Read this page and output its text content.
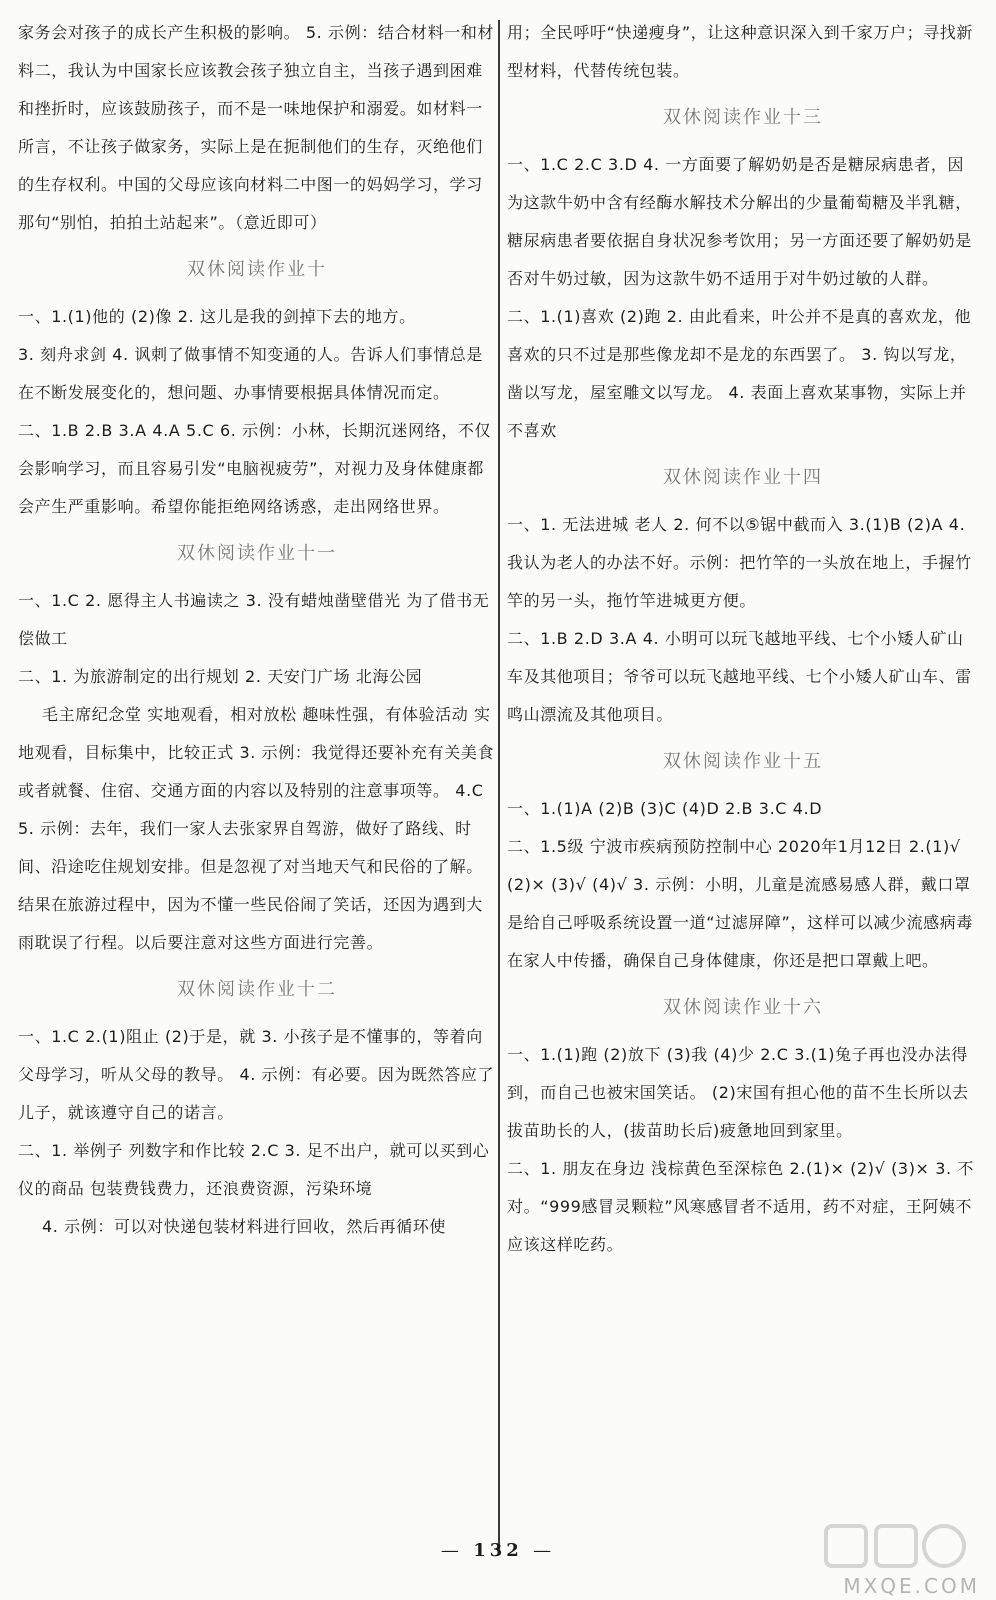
家务会对孩子的成长产生积极的影响。 5. 示例：结合材料一和材料二，我认为中国家长应该教会孩子独立自主，当孩子遇到困难和挫折时，应该鼓励孩子，而不是一味地保护和溺爱。如材料一所言，不让孩子做家务，实际上是在扼制他们的生存，灭绝他们的生存权利。中国的父母应该向材料二中图一的妈妈学习，学习那句“别怕，拍拍土站起来”。（意近即可）

双休阅读作业十

一、1.(1)他的 (2)像 2. 这儿是我的剑掉下去的地方。

3. 刻舟求剑 4. 讽刺了做事情不知变通的人。告诉人们事情总是在不断发展变化的，想问题、办事情要根据具体情况而定。

二、1.B 2.B 3.A 4.A 5.C 6. 示例：小林，长期沉迷网络，不仅会影响学习，而且容易引发“电脑视疲劳”，对视力及身体健康都会产生严重影响。希望你能拒绝网络诱惑，走出网络世界。

双休阅读作业十一

一、1.C 2. 愿得主人书遍读之 3. 没有蜡烛凿壁借光 为了借书无偿做工

二、1. 为旅游制定的出行规划 2. 天安门广场 北海公园

毛主席纪念堂 实地观看，相对放松 趣味性强，有体验活动 实地观看，目标集中，比较正式 3. 示例：我觉得还要补充有关美食或者就餐、住宿、交通方面的内容以及特别的注意事项等。 4.C 5. 示例：去年，我们一家人去张家界自驾游，做好了路线、时间、沿途吃住规划安排。但是忽视了对当地天气和民俗的了解。结果在旅游过程中，因为不懂一些民俗闹了笑话，还因为遇到大雨耽误了行程。以后要注意对这些方面进行完善。

双休阅读作业十二

一、1.C 2.(1)阻止 (2)于是，就 3. 小孩子是不懂事的，等着向父母学习，听从父母的教导。 4. 示例：有必要。因为既然答应了儿子，就该遵守自己的诺言。

二、1. 举例子 列数字和作比较 2.C 3. 足不出户，就可以买到心仪的商品 包装费钱费力，还浪费资源，污染环境

4. 示例：可以对快递包装材料进行回收，然后再循环使

用；全民呼吁“快递瘦身”，让这种意识深入到千家万户；寻找新型材料，代替传统包装。

双休阅读作业十三

一、1.C 2.C 3.D 4. 一方面要了解奶奶是否是糖尿病患者，因为这款牛奶中含有经酶水解技术分解出的少量葡萄糖及半乳糖，糖尿病患者要依据自身状况参考饮用；另一方面还要了解奶奶是否对牛奶过敏，因为这款牛奶不适用于对牛奶过敏的人群。

二、1.(1)喜欢 (2)跑 2. 由此看来，叶公并不是真的喜欢龙，他喜欢的只不过是那些像龙却不是龙的东西罢了。 3. 钩以写龙，凿以写龙，屋室雕文以写龙。 4. 表面上喜欢某事物，实际上并不喜欢

双休阅读作业十四

一、1. 无法进城 老人 2. 何不以⑤锯中截而入 3.(1)B (2)A 4. 我认为老人的办法不好。示例：把竹竿的一头放在地上，手握竹竿的另一头，拖竹竿进城更方便。

二、1.B 2.D 3.A 4. 小明可以玩飞越地平线、七个小矮人矿山车及其他项目；爷爷可以玩飞越地平线、七个小矮人矿山车、雷鸣山漂流及其他项目。

双休阅读作业十五

一、1.(1)A (2)B (3)C (4)D 2.B 3.C 4.D

二、1.5级 宁波市疾病预防控制中心 2020年1月12日 2.(1)√ (2)× (3)√ (4)√ 3. 示例：小明，儿童是流感易感人群，戴口罩是给自己呼吸系统设置一道“过滤屏障”，这样可以减少流感病毒在家人中传播，确保自己身体健康，你还是把口罩戴上吧。

双休阅读作业十六

一、1.(1)跑 (2)放下 (3)我 (4)少 2.C 3.(1)兔子再也没办法得到，而自己也被宋国笑话。 (2)宋国有担心他的苗不生长所以去拔苗助长的人，(拔苗助长后)疲惫地回到家里。

二、1. 朋友在身边 浅棕黄色至深棕色 2.(1)× (2)√ (3)× 3. 不对。“999感冒灵颗粒”风寒感冒者不适用，药不对症，王阿姨不应该这样吃药。

— 132 —
MXQE.COM
